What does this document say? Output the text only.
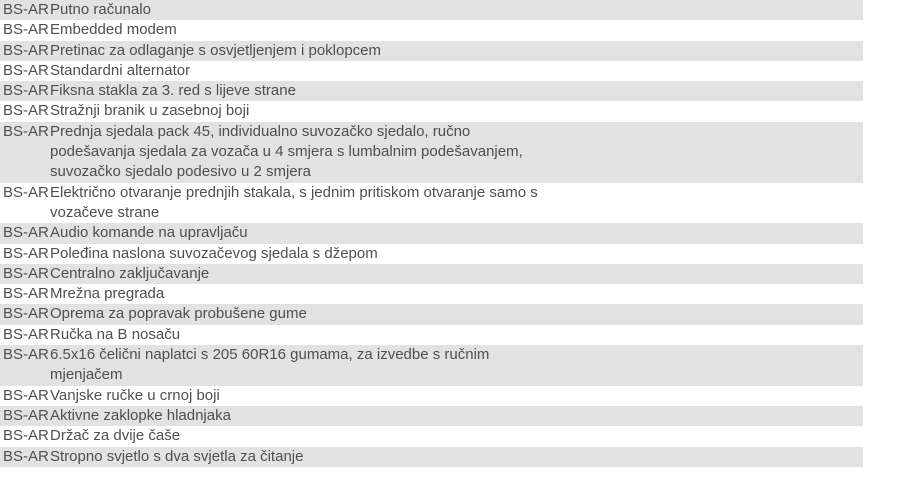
BS-AR Putno računalo
BS-AR Embedded modem
BS-AR Pretinac za odlaganje s osvjetljenjem i poklopcem
BS-AR Standardni alternator
BS-AR Fiksna stakla za 3. red s lijeve strane
BS-AR Stražnji branik u zasebnoj boji
BS-AR Prednja sjedala pack 45, individualno suvozačko sjedalo, ručno
podešavanja sjedala za vozača u 4 smjera s lumbalnim podešavanjem,
suvozačko sjedalo podesivo u 2 smjera
BS-AR Električno otvaranje prednjih stakala, s jednim pritiskom otvaranje samo s
vozačeve strane
BS-AR Audio komande na upravljaču
BS-AR Poleđina naslona suvozačevog sjedala s džepom
BS-AR Centralno zaključavanje
BS-AR Mrežna pregrada
BS-AR Oprema za popravak probušene gume
BS-AR Ručka na B nosaču
BS-AR 6.5x16 čelični naplatci s 205 60R16 gumama, za izvedbe s ručnim
mjenjačem
BS-AR Vanjske ručke u crnoj boji
BS-AR Aktivne zaklopke hladnjaka
BS-AR Držač za dvije čaše
BS-AR Stropno svjetlo s dva svjetla za čitanje
